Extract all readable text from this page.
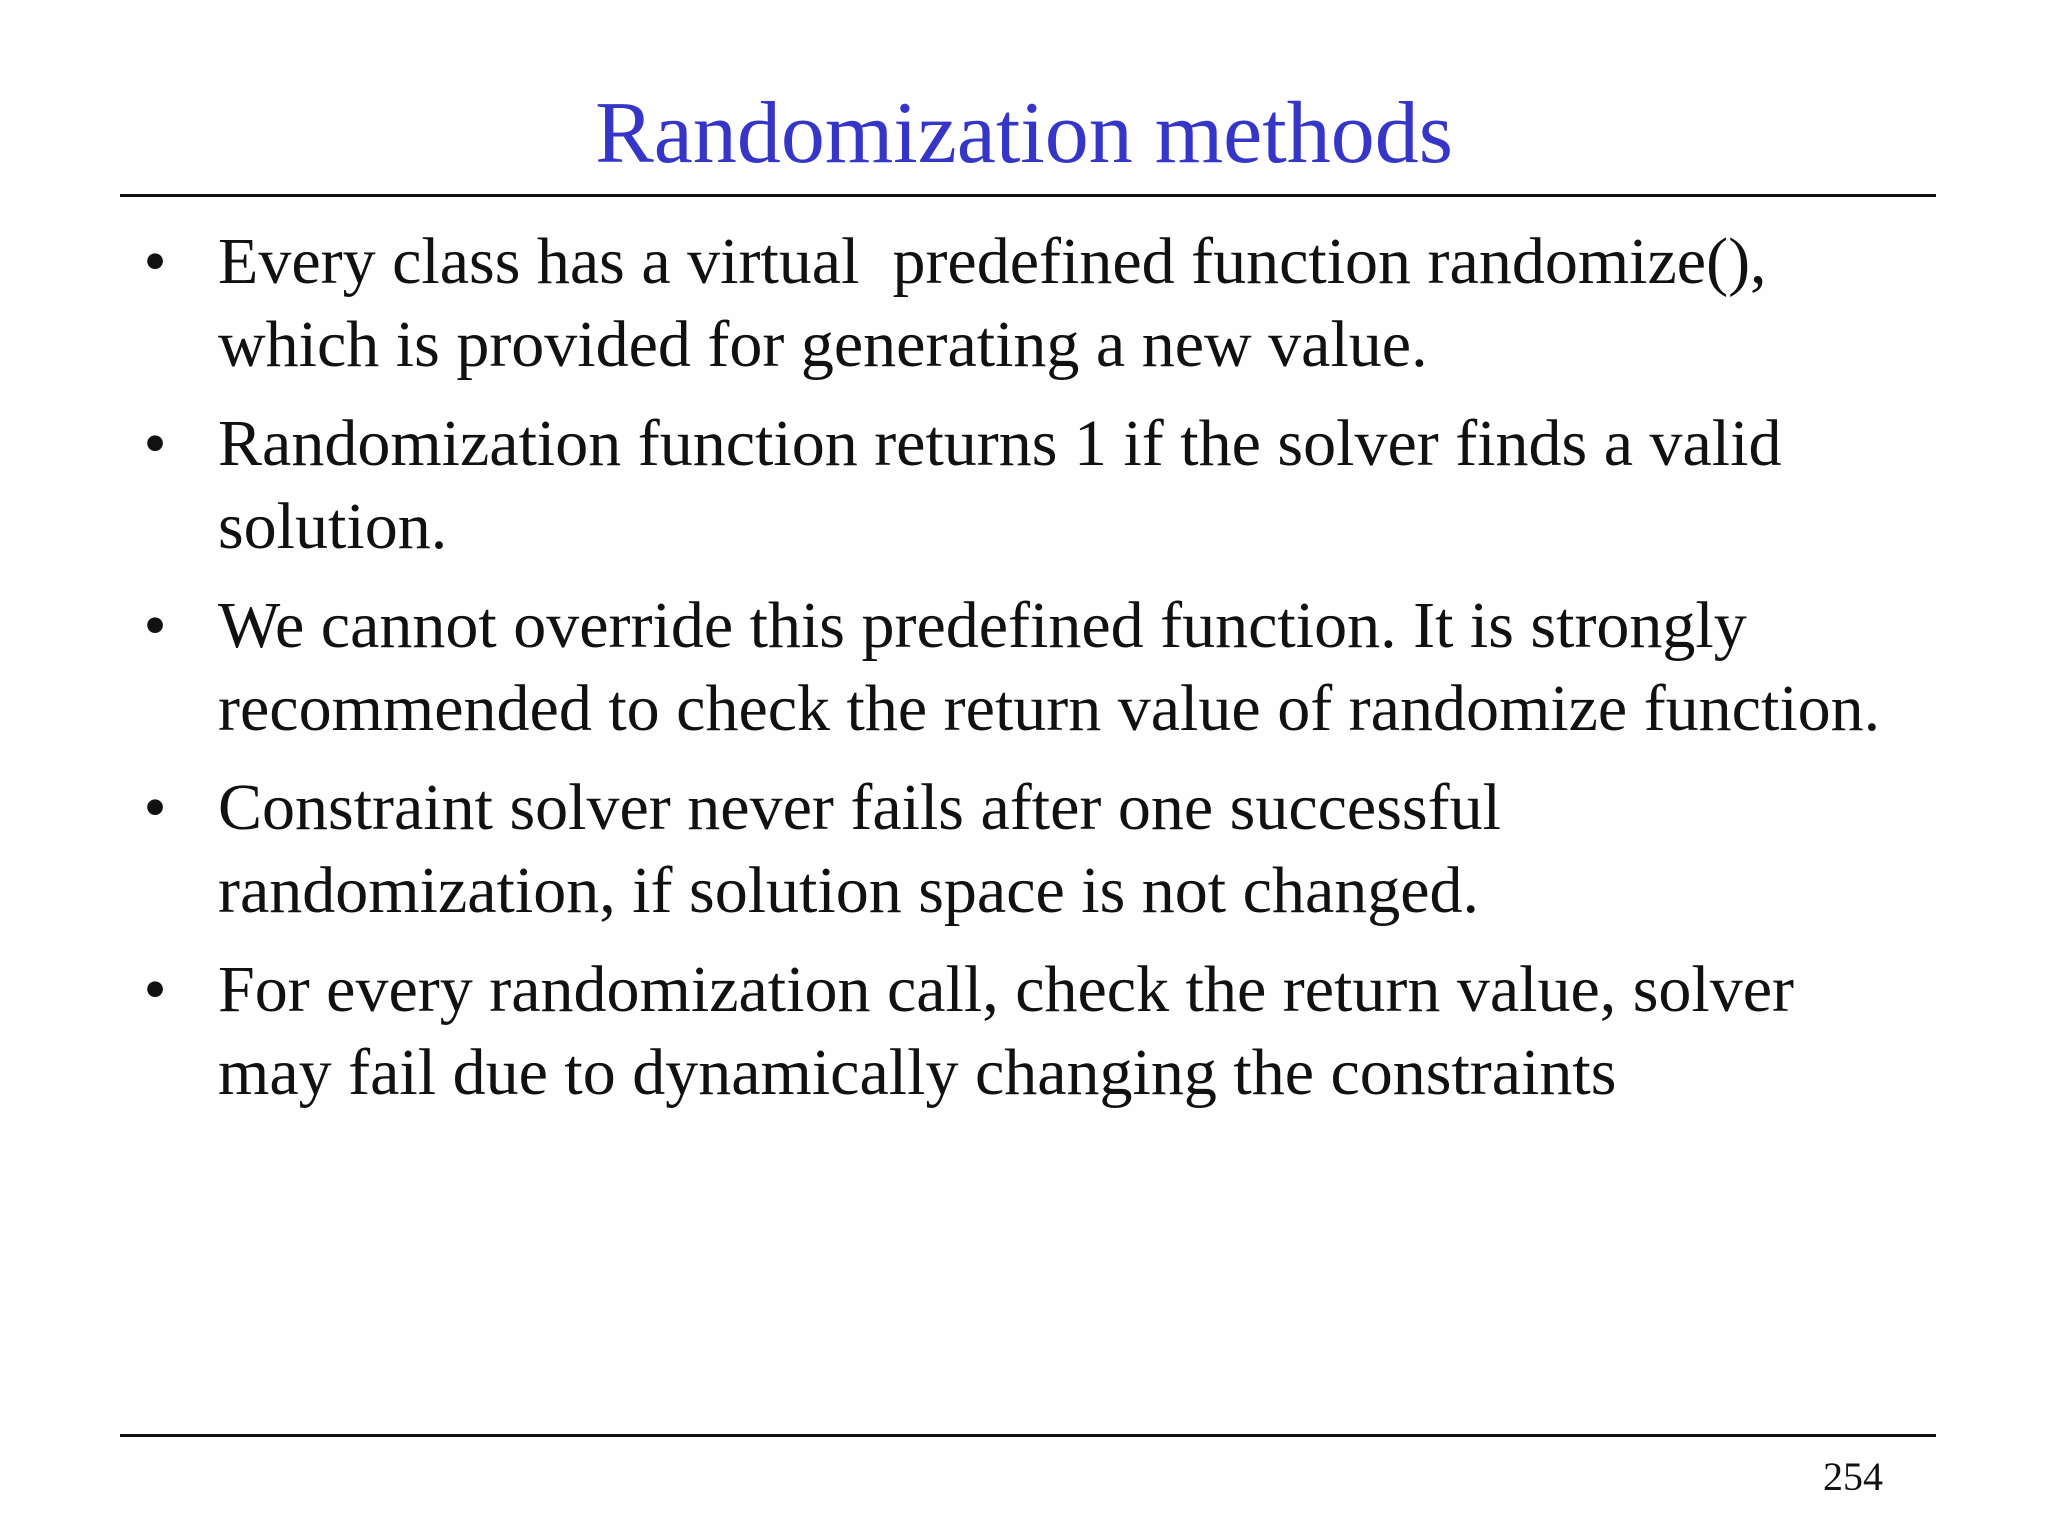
Randomization methods
• Every class has a virtual  predefined function randomize(), which is provided for generating a new value.
• Randomization function returns 1 if the solver finds a valid solution.
• We cannot override this predefined function. It is strongly recommended to check the return value of randomize function.
• Constraint solver never fails after one successful randomization, if solution space is not changed.
• For every randomization call, check the return value, solver may fail due to dynamically changing the constraints
254
